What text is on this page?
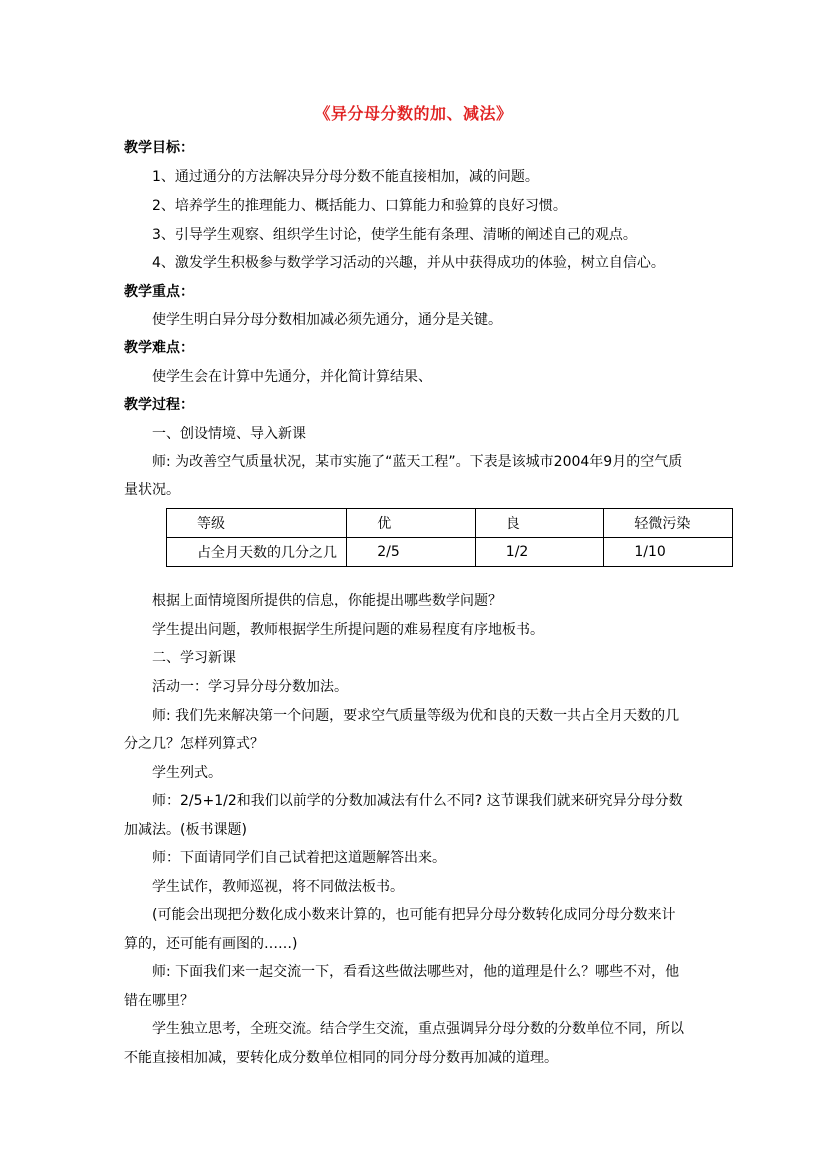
《异分母分数的加、减法》
教学目标：
1、通过通分的方法解决异分母分数不能直接相加，减的问题。
2、培养学生的推理能力、概括能力、口算能力和验算的良好习惯。
3、引导学生观察、组织学生讨论，使学生能有条理、清晰的阐述自己的观点。
4、激发学生积极参与数学学习活动的兴趣，并从中获得成功的体验，树立自信心。
教学重点：
使学生明白异分母分数相加减必须先通分，通分是关键。
教学难点：
使学生会在计算中先通分，并化简计算结果、
教学过程：
一、创设情境、导入新课
师: 为改善空气质量状况，某市实施了“蓝天工程”。下表是该城市2004年9月的空气质
量状况。
等级	优	良	轻微污染
占全月天数的几分之几	2/5	1/2	1/10
根据上面情境图所提供的信息，你能提出哪些数学问题？
学生提出问题，教师根据学生所提问题的难易程度有序地板书。
二、学习新课
活动一：学习异分母分数加法。
师: 我们先来解决第一个问题，要求空气质量等级为优和良的天数一共占全月天数的几
分之几？怎样列算式？
学生列式。
师：2/5+1/2和我们以前学的分数加减法有什么不同? 这节课我们就来研究异分母分数
加减法。(板书课题)
师：下面请同学们自己试着把这道题解答出来。
学生试作，教师巡视，将不同做法板书。
(可能会出现把分数化成小数来计算的，也可能有把异分母分数转化成同分母分数来计
算的，还可能有画图的……)
师: 下面我们来一起交流一下，看看这些做法哪些对，他的道理是什么？哪些不对，他
错在哪里？
学生独立思考，全班交流。结合学生交流，重点强调异分母分数的分数单位不同，所以
不能直接相加减，要转化成分数单位相同的同分母分数再加减的道理。
